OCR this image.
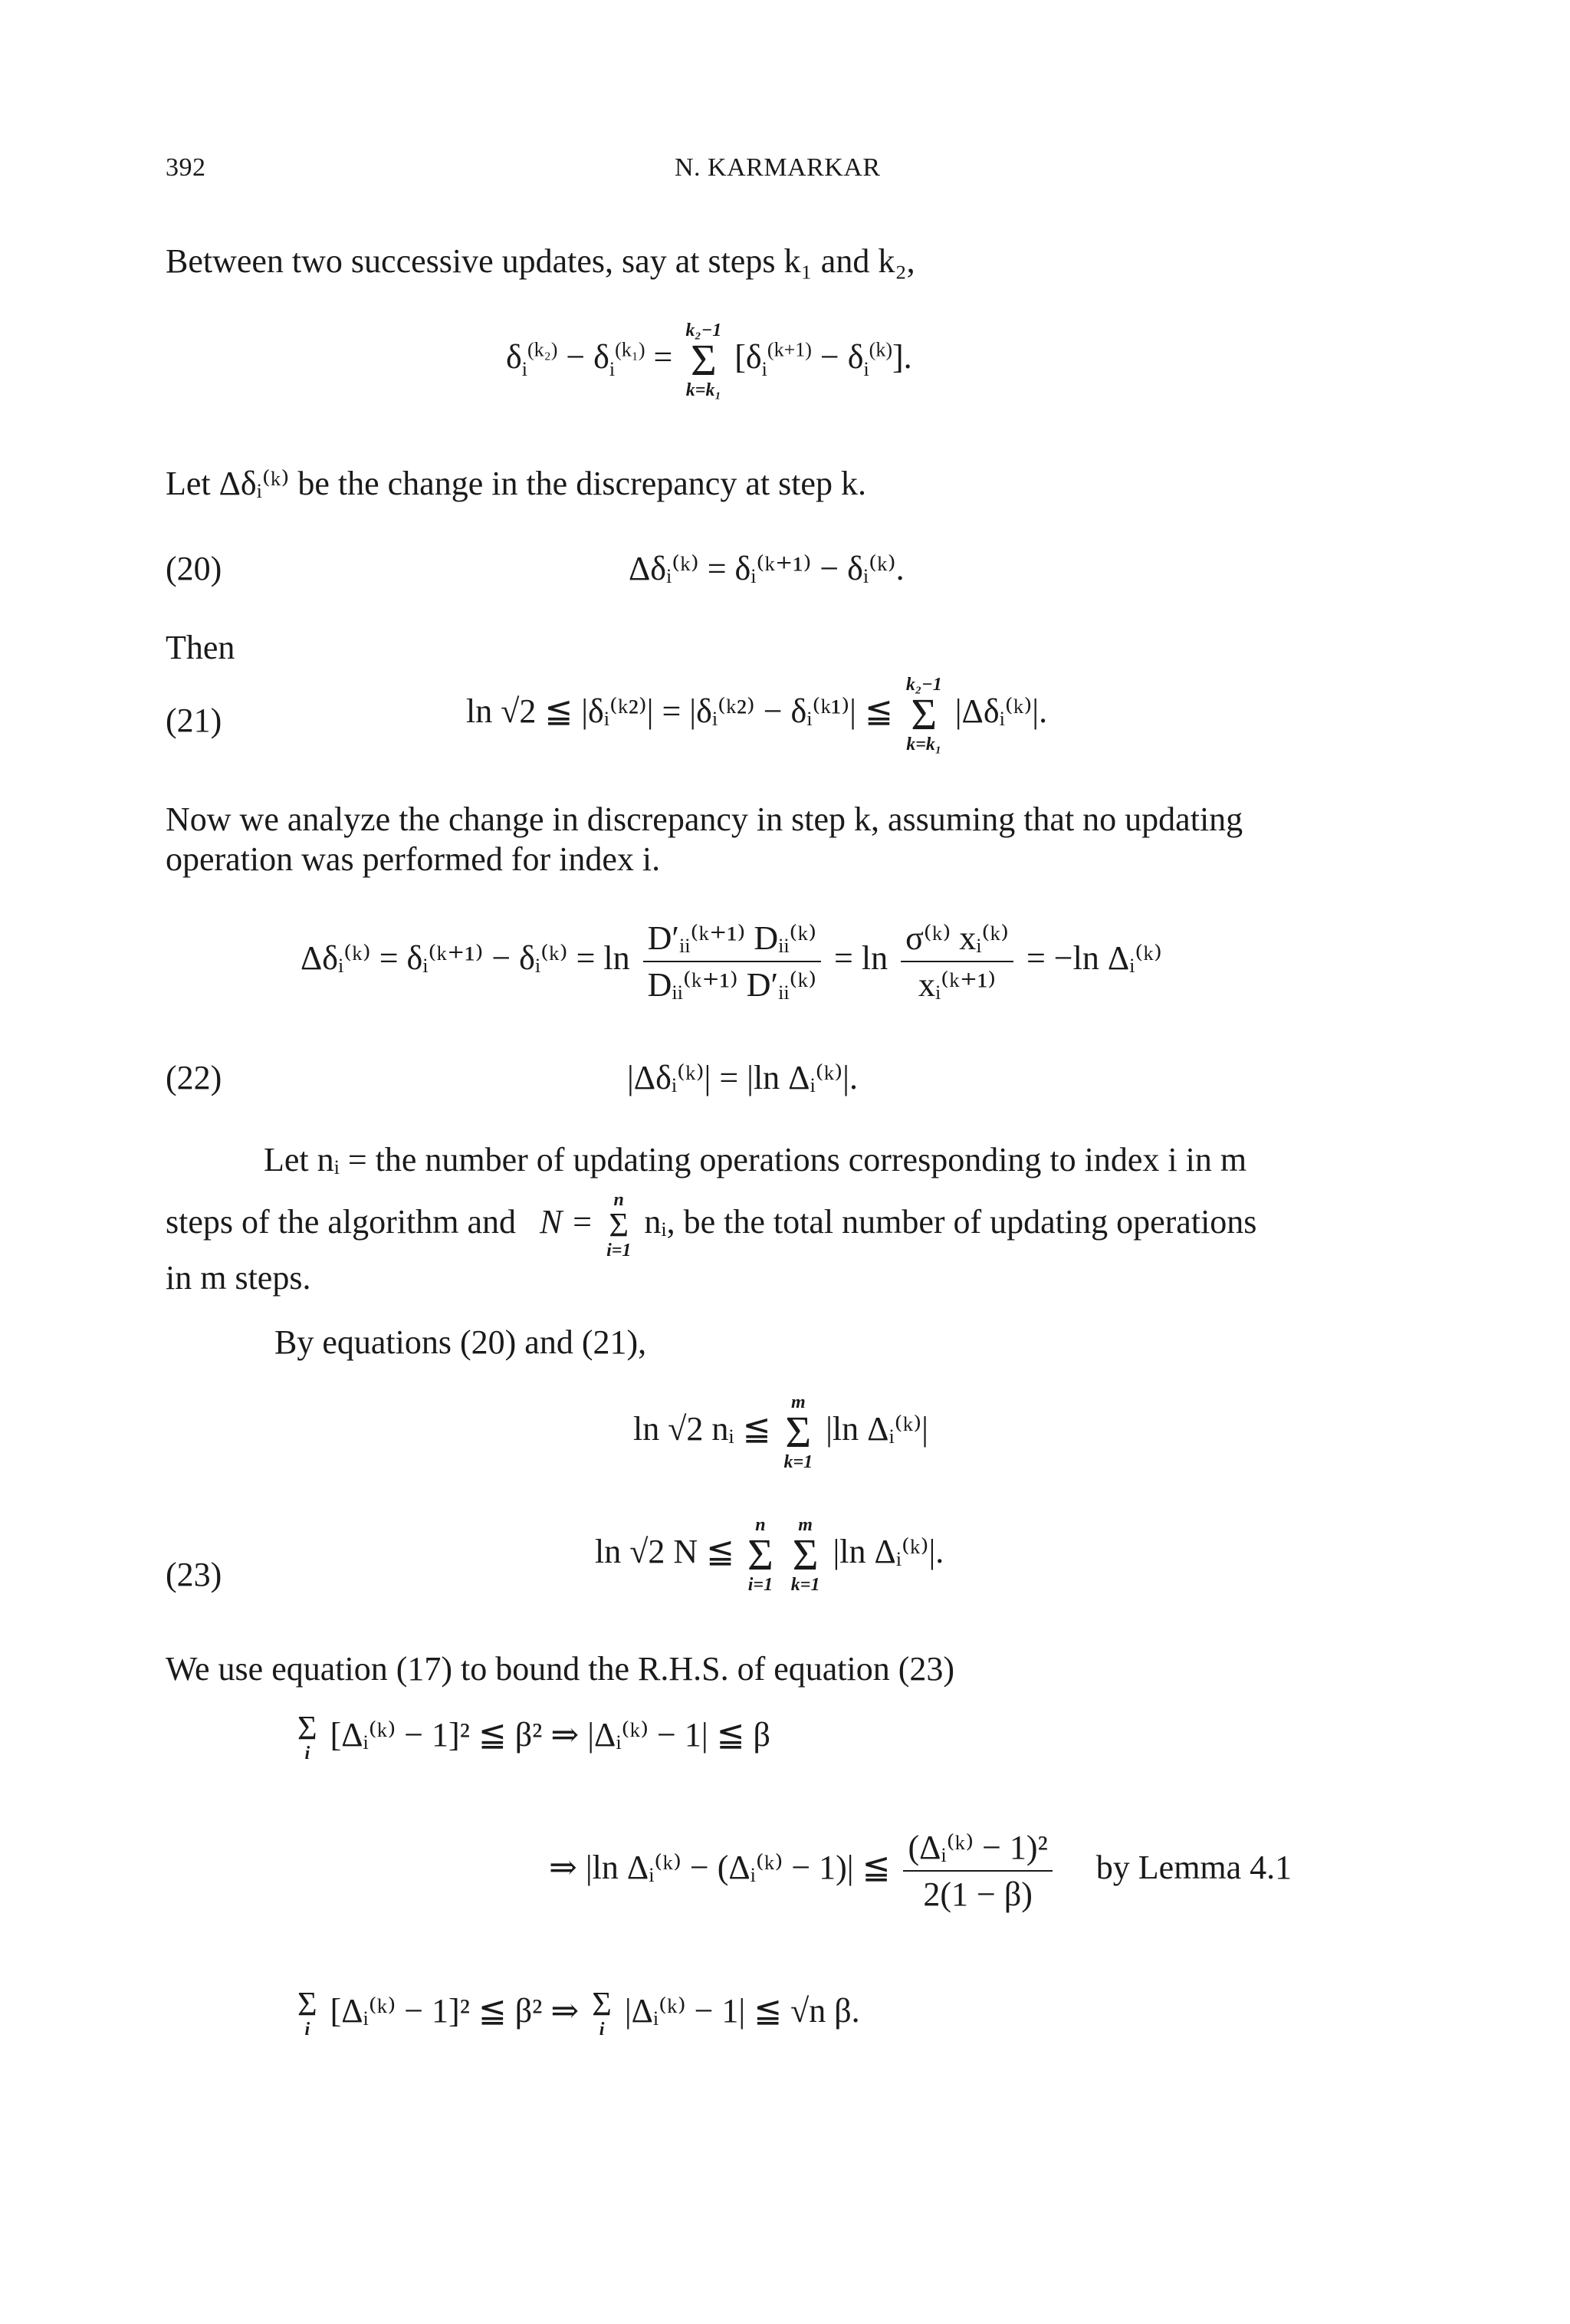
392	N. KARMARKAR
Between two successive updates, say at steps k₁ and k₂,
$\delta_i^{(k_2)} - \delta_i^{(k_1)}$ =
k₂−1
Σ
k=k₁
$[\delta_i^{(k+1)} - \delta_i^{(k)}]$.
Let Δδᵢ⁽ᵏ⁾ be the change in the discrepancy at step k.
(20)	Δδᵢ⁽ᵏ⁾ = δᵢ⁽ᵏ⁺¹⁾ − δᵢ⁽ᵏ⁾.
Then
(21)	ln √2 ≦ |δᵢ⁽ᵏ²⁾| = |δᵢ⁽ᵏ²⁾ − δᵢ⁽ᵏ¹⁾| ≦
k₂−1
Σ
k=k₁
|Δδᵢ⁽ᵏ⁾|.
Now we analyze the change in discrepancy in step k, assuming that no updating
operation was performed for index i.
Δδᵢ⁽ᵏ⁾ = δᵢ⁽ᵏ⁺¹⁾ − δᵢ⁽ᵏ⁾ = $\ln \frac{\text{D′ᵢᵢ⁽ᵏ⁺¹⁾ Dᵢᵢ⁽ᵏ⁾}}{\text{Dᵢᵢ⁽ᵏ⁺¹⁾ D′ᵢᵢ⁽ᵏ⁾}} = \ln \frac{\text{σ⁽ᵏ⁾ xᵢ⁽ᵏ⁾}}{\text{xᵢ⁽ᵏ⁺¹⁾}} = -\ln$ Δᵢ⁽ᵏ⁾
(22)	|Δδᵢ⁽ᵏ⁾| = |ln Δᵢ⁽ᵏ⁾|.
Let nᵢ = the number of updating operations corresponding to index i in m
steps of the algorithm and N =
n
Σ
i=1
nᵢ, be the total number of updating operations
in m steps.
By equations (20) and (21),
ln √2 nᵢ ≦
m
Σ
k=1
|ln Δᵢ⁽ᵏ⁾|
(23)
ln √2 N ≦
n
Σ
i=1

m
Σ
k=1
|ln Δᵢ⁽ᵏ⁾|.
We use equation (17) to bound the R.H.S. of equation (23)
Σ
i [Δᵢ⁽ᵏ⁾ − 1]² ≦ β² ⇒ |Δᵢ⁽ᵏ⁾ − 1| ≦ β
⇒ |ln Δᵢ⁽ᵏ⁾ − (Δᵢ⁽ᵏ⁾ − 1)| ≦ $\frac{\text{(Δᵢ⁽ᵏ⁾ − 1)²}}{2(1 - \beta)}$ by Lemma 4.1
Σ
i [Δᵢ⁽ᵏ⁾ − 1]² ≦ β² ⇒ Σ
i |Δᵢ⁽ᵏ⁾ − 1| ≦ √n β.
